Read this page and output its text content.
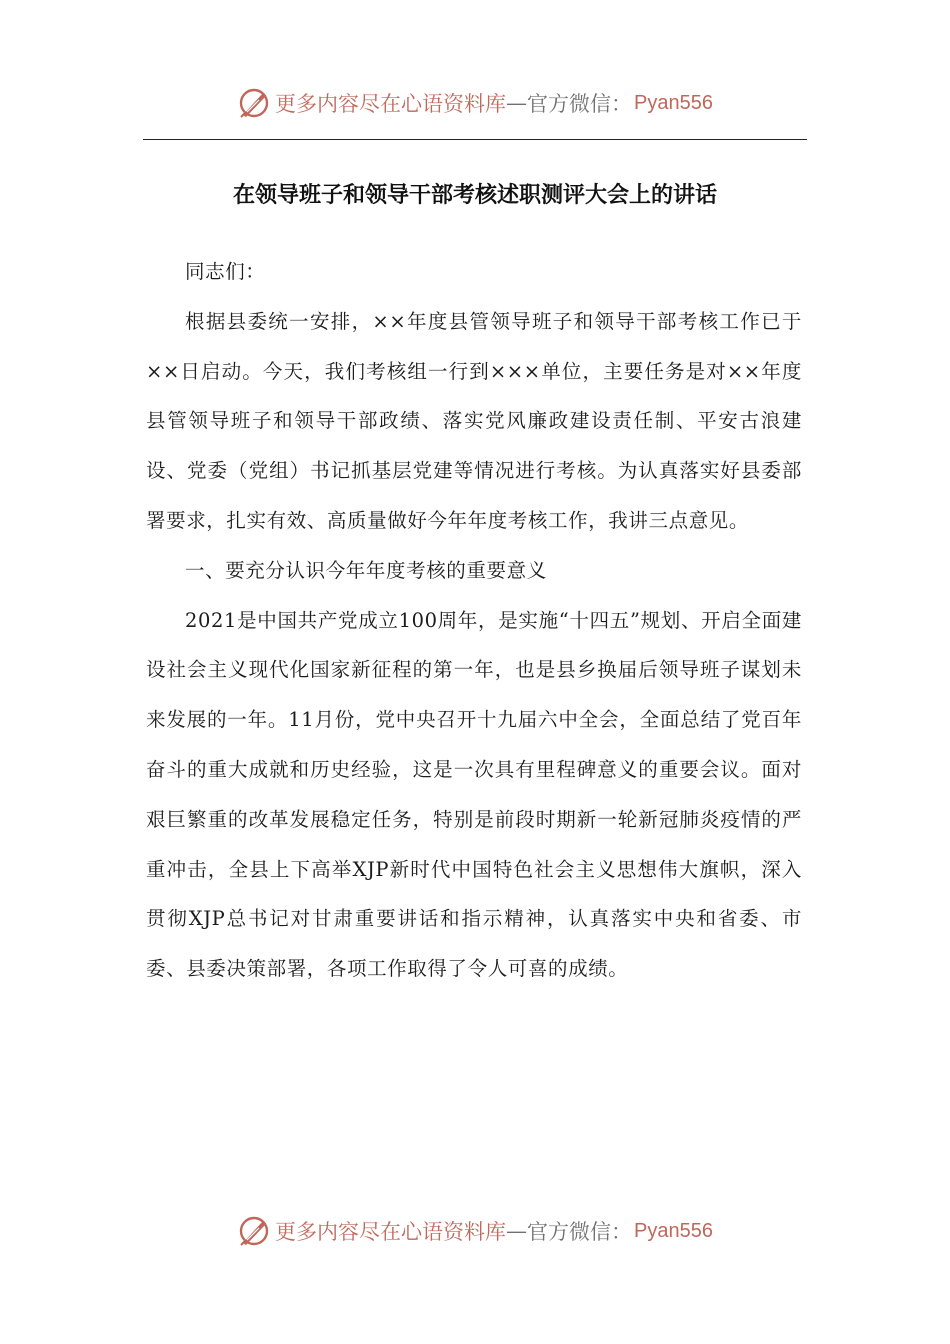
更多内容尽在心语资料库 — 官方微信： Pyan556
在领导班子和领导干部考核述职测评大会上的讲话

同志们：

根据县委统一安排，××年度县管领导班子和领导干部考核工作已于××日启动。今天，我们考核组一行到×××单位，主要任务是对××年度县管领导班子和领导干部政绩、落实党风廉政建设责任制、平安古浪建设、党委（党组）书记抓基层党建等情况进行考核。为认真落实好县委部署要求，扎实有效、高质量做好今年年度考核工作，我讲三点意见。

一、要充分认识今年年度考核的重要意义

2021是中国共产党成立100周年，是实施“十四五”规划、开启全面建设社会主义现代化国家新征程的第一年，也是县乡换届后领导班子谋划未来发展的一年。11月份，党中央召开十九届六中全会，全面总结了党百年奋斗的重大成就和历史经验，这是一次具有里程碑意义的重要会议。面对艰巨繁重的改革发展稳定任务，特别是前段时期新一轮新冠肺炎疫情的严重冲击，全县上下高举XJP新时代中国特色社会主义思想伟大旗帜，深入贯彻XJP总书记对甘肃重要讲话和指示精神，认真落实中央和省委、市委、县委决策部署，各项工作取得了令人可喜的成绩。

更多内容尽在心语资料库 — 官方微信： Pyan556
